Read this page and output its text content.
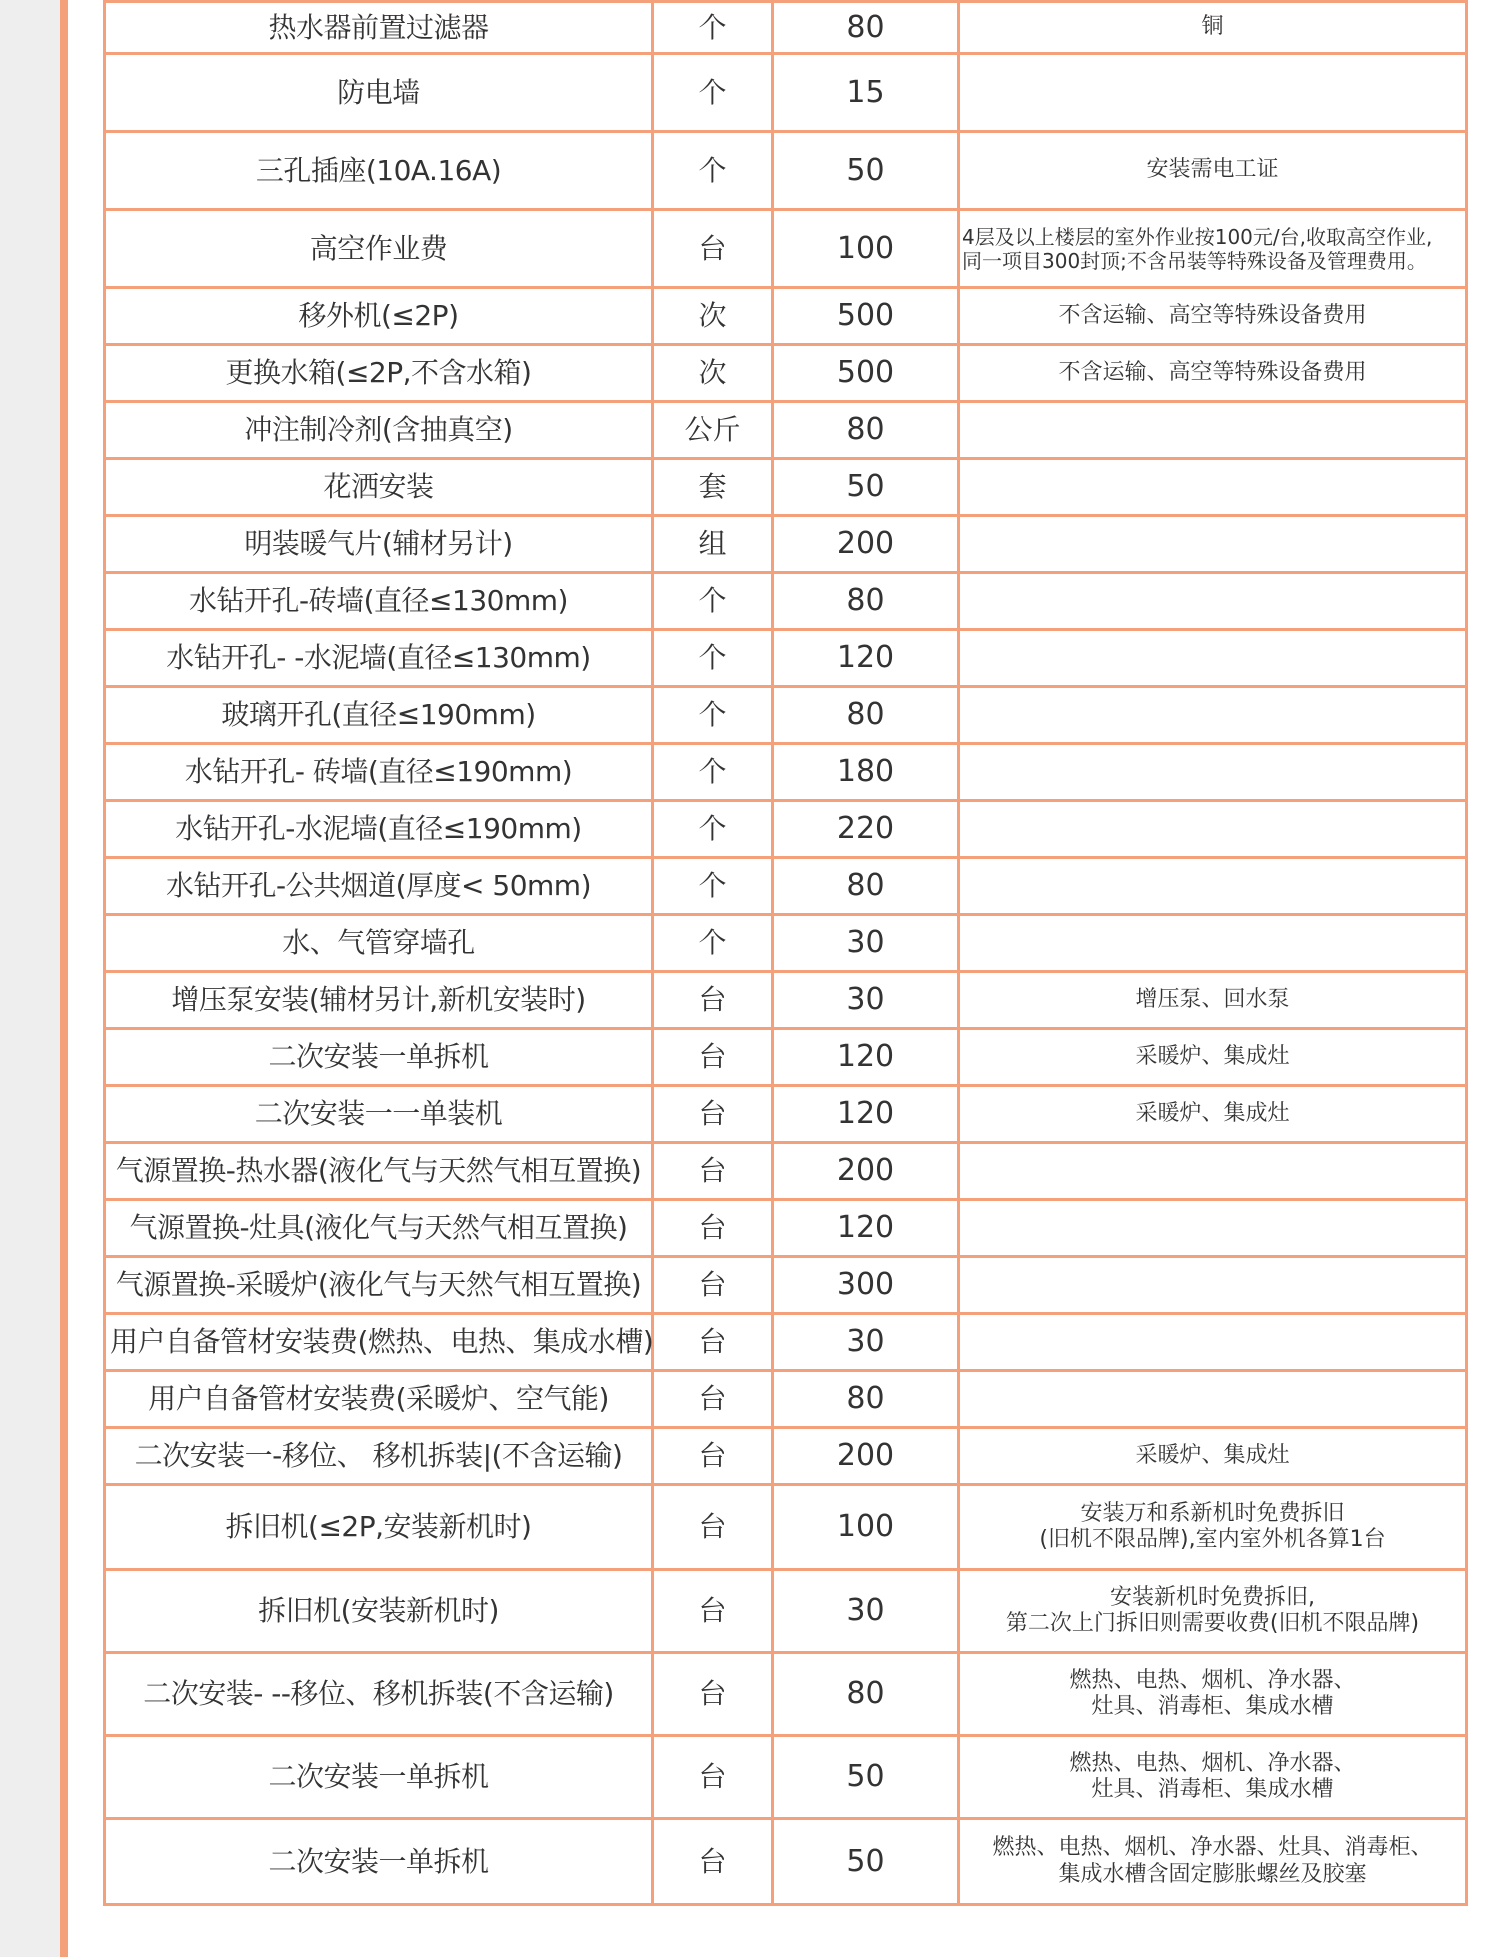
热水器前置过滤器	个	80	铜

防电墙	个	15	
三孔插座(10A.16A)	个	50	安装需电工证

高空作业费	台	100	4层及以上楼层的室外作业按100元/台,收取高空作业,
同一项目300封顶;不含吊装等特殊设备及管理费用。

移外机(≤2P)	次	500	不含运输、高空等特殊设备费用

更换水箱(≤2P,不含水箱)	次	500	不含运输、高空等特殊设备费用

冲注制冷剂(含抽真空)	公斤	80	
花洒安装	套	50	
明装暖气片(辅材另计)	组	200	
水钻开孔-砖墙(直径≤130mm)	个	80	
水钻开孔- -水泥墙(直径≤130mm)	个	120	
玻璃开孔(直径≤190mm)	个	80	
水钻开孔- 砖墙(直径≤190mm)	个	180	
水钻开孔-水泥墙(直径≤190mm)	个	220	
水钻开孔-公共烟道(厚度< 50mm)	个	80	
水、气管穿墙孔	个	30	
增压泵安装(辅材另计,新机安装时)	台	30	增压泵、回水泵

二次安装一单拆机	台	120	采暖炉、集成灶

二次安装一一单装机	台	120	采暖炉、集成灶

气源置换-热水器(液化气与天然气相互置换)	台	200	
气源置换-灶具(液化气与天然气相互置换)	台	120	
气源置换-采暖炉(液化气与天然气相互置换)	台	300	
用户自备管材安装费(燃热、电热、集成水槽)	台	30	
用户自备管材安装费(采暖炉、空气能)	台	80	
二次安装一-移位、 移机拆装|(不含运输)	台	200	采暖炉、集成灶

拆旧机(≤2P,安装新机时)	台	100	安装万和系新机时免费拆旧
(旧机不限品牌),室内室外机各算1台

拆旧机(安装新机时)	台	30	安装新机时免费拆旧,
第二次上门拆旧则需要收费(旧机不限品牌)

二次安装- --移位、移机拆装(不含运输)	台	80	燃热、电热、烟机、净水器、
灶具、消毒柜、集成水槽

二次安装一单拆机	台	50	燃热、电热、烟机、净水器、
灶具、消毒柜、集成水槽

二次安装一单拆机	台	50	燃热、电热、烟机、净水器、灶具、消毒柜、
集成水槽含固定膨胀螺丝及胶塞
